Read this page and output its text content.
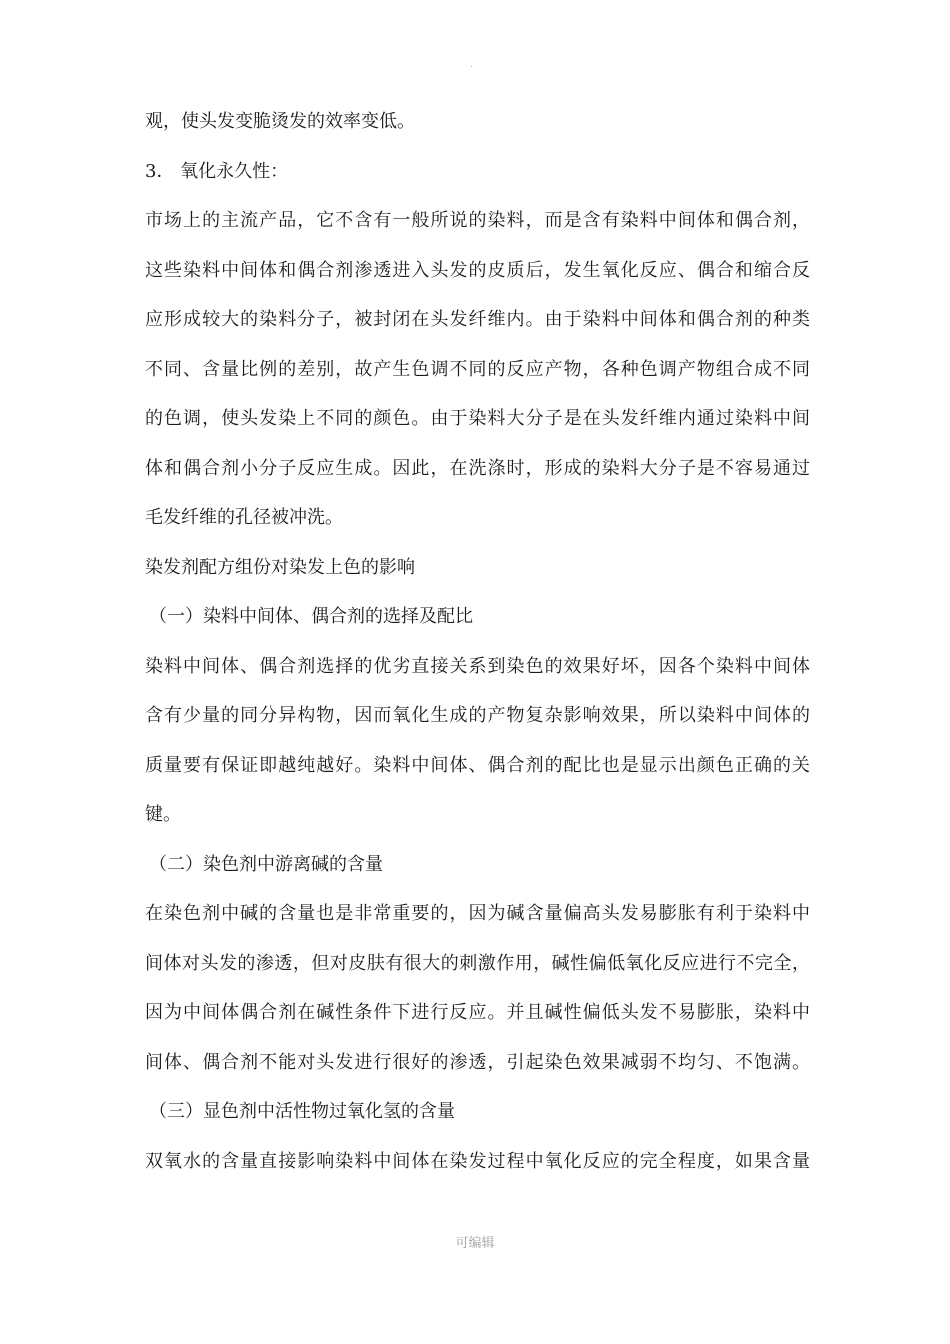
.
观，使头发变脆烫发的效率变低。
3． 氧化永久性：
市场上的主流产品，它不含有一般所说的染料，而是含有染料中间体和偶合剂，
这些染料中间体和偶合剂渗透进入头发的皮质后，发生氧化反应、偶合和缩合反
应形成较大的染料分子，被封闭在头发纤维内。由于染料中间体和偶合剂的种类
不同、含量比例的差别，故产生色调不同的反应产物，各种色调产物组合成不同
的色调，使头发染上不同的颜色。由于染料大分子是在头发纤维内通过染料中间
体和偶合剂小分子反应生成。因此，在洗涤时，形成的染料大分子是不容易通过
毛发纤维的孔径被冲洗。
染发剂配方组份对染发上色的影响
（一）染料中间体、偶合剂的选择及配比
染料中间体、偶合剂选择的优劣直接关系到染色的效果好坏，因各个染料中间体
含有少量的同分异构物，因而氧化生成的产物复杂影响效果，所以染料中间体的
质量要有保证即越纯越好。染料中间体、偶合剂的配比也是显示出颜色正确的关
键。
（二）染色剂中游离碱的含量
在染色剂中碱的含量也是非常重要的，因为碱含量偏高头发易膨胀有利于染料中
间体对头发的渗透，但对皮肤有很大的刺激作用，碱性偏低氧化反应进行不完全，
因为中间体偶合剂在碱性条件下进行反应。并且碱性偏低头发不易膨胀，染料中
间体、偶合剂不能对头发进行很好的渗透，引起染色效果减弱不均匀、不饱满。
（三）显色剂中活性物过氧化氢的含量
双氧水的含量直接影响染料中间体在染发过程中氧化反应的完全程度，如果含量
可编辑
